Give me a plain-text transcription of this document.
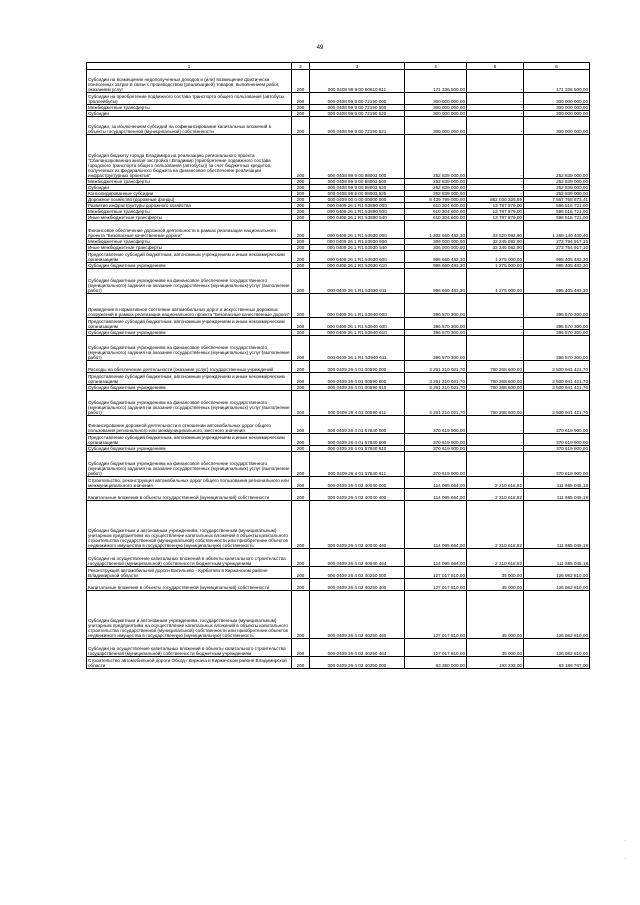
49
1	2	3	4	5	6
Субсидии на возмещение недополученных доходов и (или) возмещение фактически понесенных затрат в связи с производством (реализацией) товаров, выполнением работ, оказанием услуг	200	000 0408 99 9 00 60610 811	171 336 500,00	-	171 336 500,00
Субсидии на приобретение подвижного состава транспорта общего пользования (автобусы, троллейбусы)	200	000 0408 99 9 00 72190 000	300 000 000,00	-	300 000 000,00
Межбюджетные трансферты	200	000 0408 99 9 00 72190 500	300 000 000,00	-	300 000 000,00
Субсидии	200	000 0408 99 9 00 72190 520	300 000 000,00	-	300 000 000,00
Субсидии, за исключением субсидий на софинансирование капитальных вложений в объекты государственной (муниципальной) собственности	200	000 0408 99 9 00 72190 521	300 000 000,00	-	300 000 000,00
Субсидия бюджету города Владимира на реализацию регионального проекта "Сбалансированная жилая застройка г.Владимир (приобретение подвижного состава городского транспорта общего пользования (автобусы)) за счет бюджетных кредитов, полученных из федерального бюджета на финансовое обеспечение реализации инфраструктурных проектов"	200	000 0408 99 9 00 98003 000	252 839 000,00	-	252 839 000,00
Межбюджетные трансферты	200	000 0408 99 9 00 98003 500	252 839 000,00	-	252 839 000,00
Субсидии	200	000 0408 99 9 00 98003 520	252 839 000,00	-	252 839 000,00
Консолидированные субсидии	200	000 0408 99 9 00 98003 525	252 839 000,00	-	252 839 000,00
Дорожное хозяйство (дорожные фонды)	200	000 0409 00 0 00 00000 000	8 439 799 000,00	862 030 326,59	7 567 768 673,41
Развитие инфраструктуры дорожного хозяйства	200	000 0409 26 1 R1 53890 000	610 304 600,00	13 787 879,00	596 516 721,00
Межбюджетные трансферты	200	000 0409 26 1 R1 53890 500	610 304 600,00	13 787 879,00	596 516 721,00
Иные межбюджетные трансферты	200	000 0409 26 1 R1 53890 540	610 304 600,00	13 787 879,00	596 516 721,00
Финансовое обеспечение дорожной деятельности в рамках реализации национального проекта "Безопасные качественные дороги"	200	000 0409 26 1 R1 53930 000	1 302 660 483,30	33 520 082,90	1 269 140 400,40
Межбюджетные трансферты	200	000 0409 26 1 R1 53930 500	306 000 000,00	32 245 082,90	273 754 917,10
Иные межбюджетные трансферты	200	000 0409 26 1 R1 53930 540	306 000 000,00	32 245 082,90	273 754 917,10
Предоставление субсидий бюджетным, автономным учреждениям и иным некоммерческим организациям	200	000 0409 26 1 R1 53930 600	996 660 483,30	1 275 000,00	995 405 483,30
Субсидии бюджетным учреждениям	200	000 0409 26 1 R1 53930 610	996 660 483,30	1 275 000,00	995 405 483,30
Субсидии бюджетным учреждениям на финансовое обеспечение государственного (муниципального) задания на оказание государственных (муниципальных) услуг (выполнение работ)	200	000 0409 26 1 R1 53930 611	996 660 483,30	1 275 000,00	995 405 483,30
Приведение в нормативное состояние автомобильных дорог и искусственных дорожных сооружений в рамках реализации национального проекта "Безопасные качественные дороги"	200	000 0409 26 1 R1 53940 000	396 570 300,00	-	396 570 300,00
Предоставление субсидий бюджетным, автономным учреждениям и иным некоммерческим организациям	200	000 0409 26 1 R1 53940 600	396 570 300,00	-	396 570 300,00
Субсидии бюджетным учреждениям	200	000 0409 26 1 R1 53940 610	396 570 300,00	-	396 570 300,00
Субсидии бюджетным учреждениям на финансовое обеспечение государственного (муниципального) задания на оказание государственных (муниципальных) услуг (выполнение работ)	200	000 0409 26 1 R1 53940 611	396 570 300,00	-	396 570 300,00
Расходы на обеспечение деятельности (оказание услуг) государственных учреждений	200	000 0409 26 4 01 00590 000	3 261 210 021,70	760 268 600,00	2 500 941 421,70
Предоставление субсидий бюджетным, автономным учреждениям и иным некоммерческим организациям	200	000 0409 26 4 01 00590 600	3 261 210 021,70	760 268 600,00	2 500 941 421,70
Субсидии бюджетным учреждениям	200	000 0409 26 4 01 00590 610	3 261 210 021,70	760 268 600,00	2 500 941 421,70
Субсидии бюджетным учреждениям на финансовое обеспечение государственного (муниципального) задания на оказание государственных (муниципальных) услуг (выполнение работ)	200	000 0409 26 4 01 00590 611	3 261 210 021,70	760 268 600,00	2 500 941 421,70
Финансирование дорожной деятельности в отношении автомобильных дорог общего пользования регионального или межмуниципального, местного значения	200	000 0409 26 4 01 57840 000	370 619 900,00	-	370 619 900,00
Предоставление субсидий бюджетным, автономным учреждениям и иным некоммерческим организациям	200	000 0409 26 4 01 57840 600	370 619 900,00	-	370 619 900,00
Субсидии бюджетным учреждениям	200	000 0409 26 4 01 57840 610	370 619 900,00	-	370 619 900,00
Субсидии бюджетным учреждениям на финансовое обеспечение государственного (муниципального) задания на оказание государственных (муниципальных) услуг (выполнение работ)	200	000 0409 26 4 01 57840 611	370 619 900,00	-	370 619 900,00
Строительство, реконструкция автомобильных дорог общего пользования регионального или межмуниципального значения	200	000 0409 26 4 02 40040 000	114 095 664,00	2 210 618,82	111 885 045,18
Капитальные вложения в объекты государственной (муниципальной) собственности	200	000 0409 26 4 02 40040 400	114 095 664,00	2 210 618,82	111 885 045,18
Субсидии бюджетным и автономным учреждениям, государственным (муниципальным) унитарным предприятиям на осуществление капитальных вложений в объекты капитального строительства государственной (муниципальной) собственности или приобретение объектов недвижимого имущества в государственную (муниципальную) собственность	200	000 0409 26 4 02 40040 460	114 095 664,00	2 210 618,82	111 885 045,18
Субсидии на осуществление капитальных вложений в объекты капитального строительства государственной (муниципальной) собственности бюджетным учреждениям	200	000 0409 26 4 02 40040 464	114 095 664,00	2 210 618,82	111 885 045,18
Реконструкция автомобильной дороги Васильево - Курбатово в Киржачском районе Владимирской области	200	000 0409 26 4 02 40250 000	127 017 810,00	35 000,00	126 982 810,00
Капитальные вложения в объекты государственной (муниципальной) собственности	200	000 0409 26 4 02 40250 400	127 017 810,00	35 000,00	126 982 810,00
Субсидии бюджетным и автономным учреждениям, государственным (муниципальным) унитарным предприятиям на осуществление капитальных вложений в объекты капитального строительства государственной (муниципальной) собственности или приобретение объектов недвижимого имущества в государственную (муниципальную) собственность	200	000 0409 26 4 02 40250 460	127 017 810,00	35 000,00	126 982 810,00
Субсидии на осуществление капитальных вложений в объекты капитального строительства государственной (муниципальной) собственности бюджетным учреждениям	200	000 0409 26 4 02 40250 464	127 017 810,00	35 000,00	126 982 810,00
Строительство автомобильной дороги Обход г.Киржача в Киржачском районе Владимирской области	200	000 0409 26 4 02 40350 000	63 380 000,00	193 233,00	63 186 767,00
·
·
